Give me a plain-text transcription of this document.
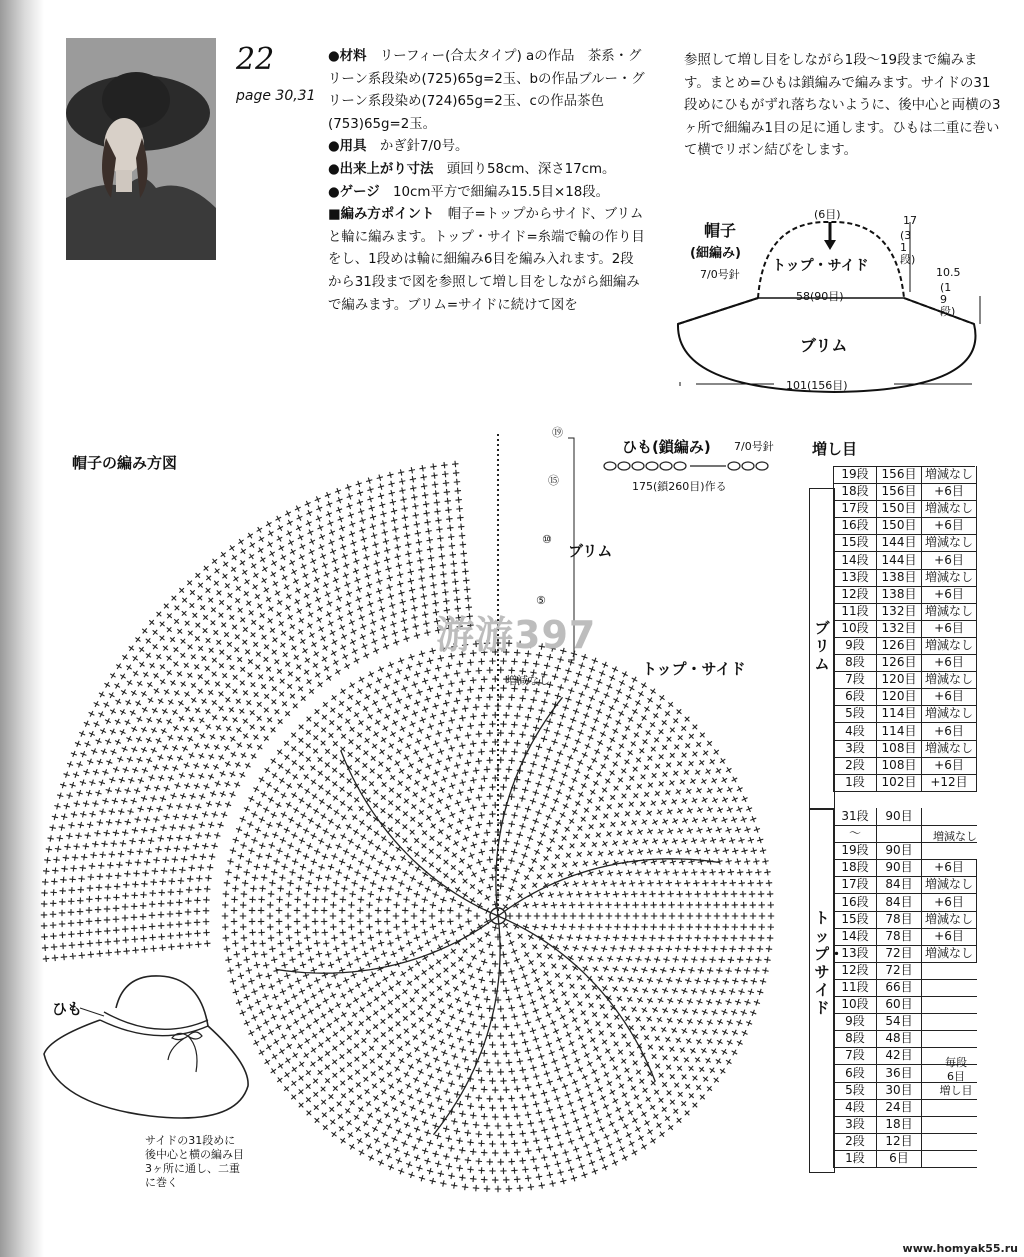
22
page 30,31

●材料　 リーフィー(合太タイプ) aの作品　茶系・グリーン系段染め(725)65g=2玉、bの作品ブルー・グリーン系段染め(724)65g=2玉、cの作品茶色(753)65g=2玉。

●用具　 かぎ針7/0号。

●出来上がり寸法　 頭回り58cm、深さ17cm。

●ゲージ　 10cm平方で細編み15.5目×18段。

■編み方ポイント　 帽子=トップからサイド、ブリムと輪に編みます。トップ・サイド=糸端で輪の作り目をし、1段めは輪に細編み6目を編み入れます。2段から31段まで図を参照して増し目をしながら細編みで編みます。ブリム=サイドに続けて図を

参照して増し目をしながら1段〜19段まで編みます。まとめ=ひもは鎖編みで編みます。サイドの31段めにひもがずれ落ちないように、後中心と両横の3ヶ所で細編み1目の足に通します。ひもは二重に巻いて横でリボン結びをします。

帽子
(細編み)
7/0号針
(6目)
トップ・サイド
17
(31段)
58(90目)
10.5
(19段)
ブリム
101(156目)
帽子の編み方図
⑲
⑮
⑩
⑤
ブリム
トップ・サイド
増減なし
游游397
ひも(鎖編み) 7/0号針
175(鎖260目)作る
ひも
サイドの31段めに
後中心と横の編み目
3ヶ所に通し、二重
に巻く
増し目
ブリム
トップ・サイド
19段	156目 増減なし
18段	156目	+6目
17段	150目 増減なし
16段	150目	+6目
15段	144目 増減なし
14段	144目	+6目
13段	138目 増減なし
12段	138目	+6目
11段	132目 増減なし
10段	132目	+6目
9段	126目 増減なし
8段	126目	+6目
7段	120目 増減なし
6段	120目	+6目
5段	114目 増減なし
4段	114目	+6目
3段	108目 増減なし
2段	108目	+6目
1段	102目	+12目
31段	90目
〜
19段	90目
18段	90目	+6目
17段	84目	増減なし
16段	84目	+6目
15段	78目	増減なし
14段	78目	+6目
13段	72目	増減なし
12段	72目
11段	66目
10段	60目
9段	54目
8段	48目
7段	42目
6段	36目
5段	30目
4段	24目
3段	18目
2段	12目
1段	6目
増減なし
毎段
6目
増し目
www.homyak55.ru
